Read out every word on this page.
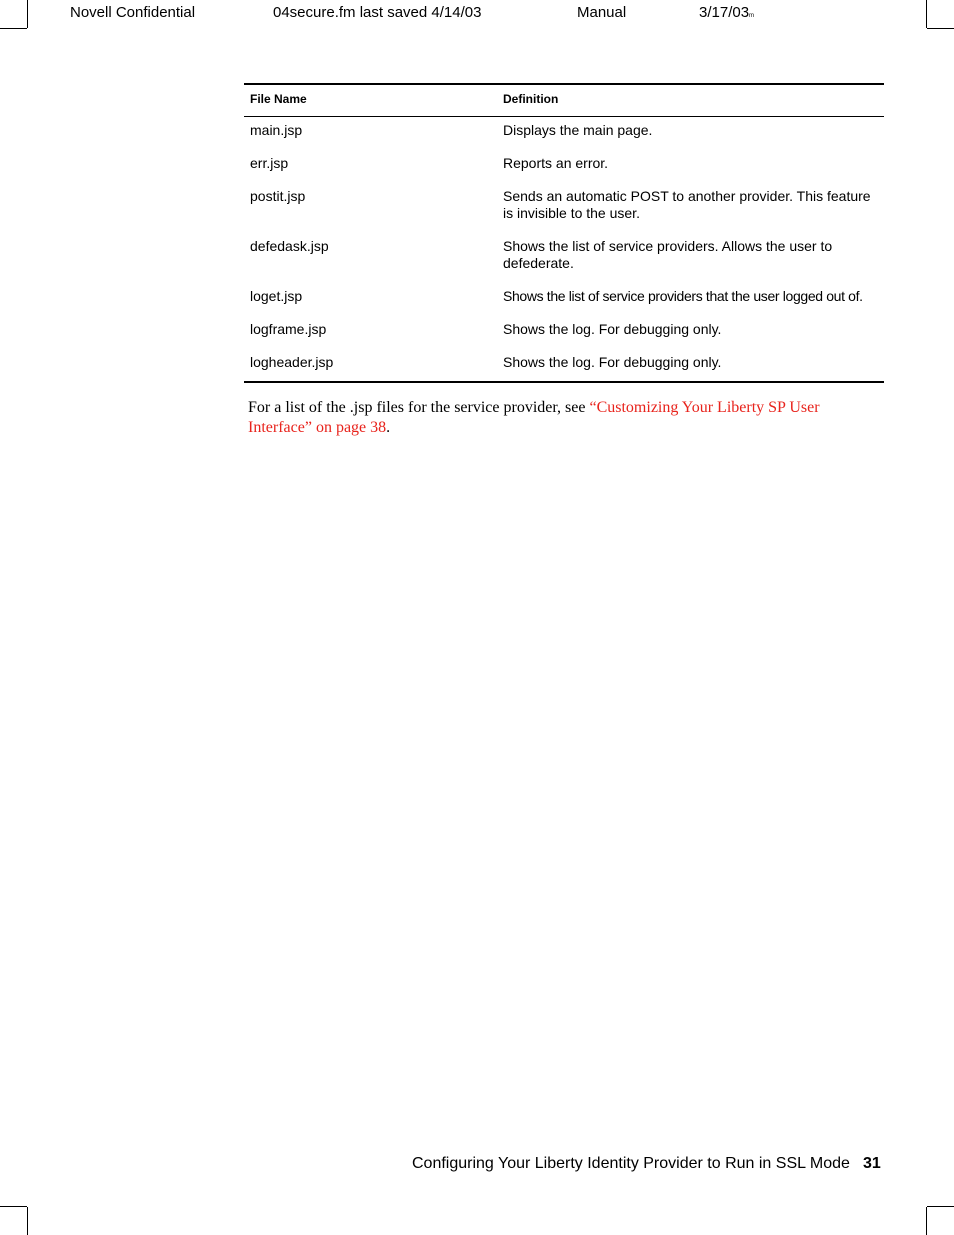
Novell Confidential	04secure.fm last saved 4/14/03	Manual	3/17/03m
File Name	Definition
main.jsp	Displays the main page.
err.jsp	Reports an error.
postit.jsp	Sends an automatic POST to another provider. This feature is invisible to the user.
defedask.jsp	Shows the list of service providers. Allows the user to defederate.
loget.jsp	Shows the list of service providers that the user logged out of.
logframe.jsp	Shows the log. For debugging only.
logheader.jsp	Shows the log. For debugging only.

For a list of the .jsp files for the service provider, see “Customizing Your Liberty SP User Interface” on page 38.

Configuring Your Liberty Identity Provider to Run in SSL Mode 31
